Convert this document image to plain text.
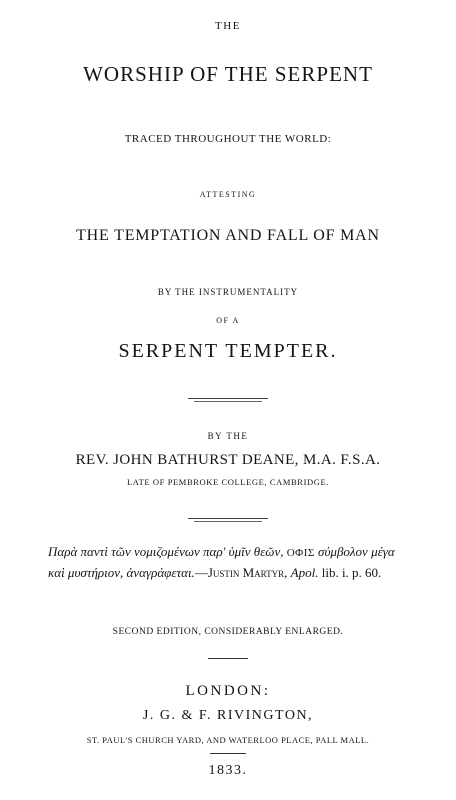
THE
WORSHIP OF THE SERPENT
TRACED THROUGHOUT THE WORLD:
ATTESTING
THE TEMPTATION AND FALL OF MAN
BY THE INSTRUMENTALITY
OF A
SERPENT TEMPTER.
BY THE
REV. JOHN BATHURST DEANE, M.A. F.S.A.
LATE OF PEMBROKE COLLEGE, CAMBRIDGE.
Παρὰ παντὶ τῶν νομιζομένων παρ' ὑμῖν θεῶν, ΟΦΙΣ σύμβολον μέγα
καὶ μυστήριον, ἀναγράφεται.—Justin Martyr, Apol. lib. i. p. 60.
SECOND EDITION, CONSIDERABLY ENLARGED.
LONDON:
J. G. & F. RIVINGTON,
ST. PAUL'S CHURCH YARD, AND WATERLOO PLACE, PALL MALL.
1833.
